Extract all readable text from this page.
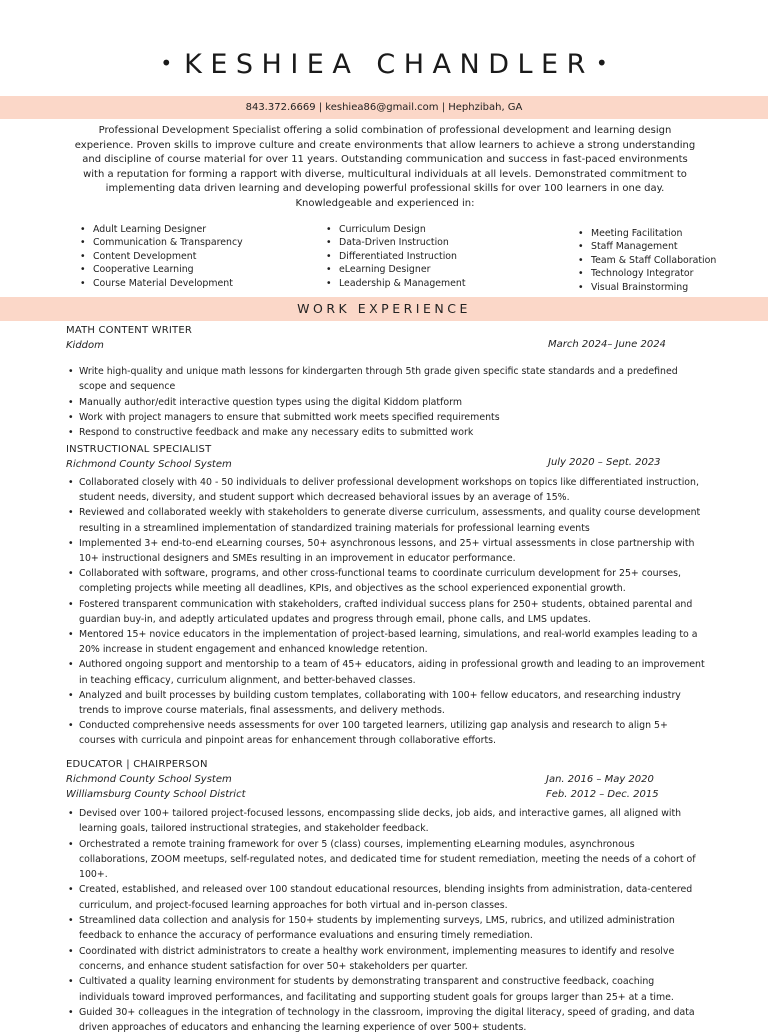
• KESHIEA CHANDLER •
843.372.6669 | keshiea86@gmail.com | Hephzibah, GA
Professional Development Specialist offering a solid combination of professional development and learning design experience. Proven skills to improve culture and create environments that allow learners to achieve a strong understanding and discipline of course material for over 11 years. Outstanding communication and success in fast-paced environments with a reputation for forming a rapport with diverse, multicultural individuals at all levels. Demonstrated commitment to implementing data driven learning and developing powerful professional skills for over 100 learners in one day. Knowledgeable and experienced in:
• Adult Learning Designer
• Communication & Transparency
• Content Development
• Cooperative Learning
• Course Material Development
• Curriculum Design
• Data-Driven Instruction
• Differentiated Instruction
• eLearning Designer
• Leadership & Management
• Meeting Facilitation
• Staff Management
• Team & Staff Collaboration
• Technology Integrator
• Visual Brainstorming
WORK EXPERIENCE
MATH CONTENT WRITER
Kiddom	March 2024– June 2024
• Write high-quality and unique math lessons for kindergarten through 5th grade given specific state standards and a predefined scope and sequence
• Manually author/edit interactive question types using the digital Kiddom platform
• Work with project managers to ensure that submitted work meets specified requirements
• Respond to constructive feedback and make any necessary edits to submitted work
INSTRUCTIONAL SPECIALIST
Richmond County School System	July 2020 – Sept. 2023
• Collaborated closely with 40 - 50 individuals to deliver professional development workshops on topics like differentiated instruction, student needs, diversity, and student support which decreased behavioral issues by an average of 15%.
• Reviewed and collaborated weekly with stakeholders to generate diverse curriculum, assessments, and quality course development resulting in a streamlined implementation of standardized training materials for professional learning events
• Implemented 3+ end-to-end eLearning courses, 50+ asynchronous lessons, and 25+ virtual assessments in close partnership with 10+ instructional designers and SMEs resulting in an improvement in educator performance.
• Collaborated with software, programs, and other cross-functional teams to coordinate curriculum development for 25+ courses, completing projects while meeting all deadlines, KPIs, and objectives as the school experienced exponential growth.
• Fostered transparent communication with stakeholders, crafted individual success plans for 250+ students, obtained parental and guardian buy-in, and adeptly articulated updates and progress through email, phone calls, and LMS updates.
• Mentored 15+ novice educators in the implementation of project-based learning, simulations, and real-world examples leading to a 20% increase in student engagement and enhanced knowledge retention.
• Authored ongoing support and mentorship to a team of 45+ educators, aiding in professional growth and leading to an improvement in teaching efficacy, curriculum alignment, and better-behaved classes.
• Analyzed and built processes by building custom templates, collaborating with 100+ fellow educators, and researching industry trends to improve course materials, final assessments, and delivery methods.
• Conducted comprehensive needs assessments for over 100 targeted learners, utilizing gap analysis and research to align 5+ courses with curricula and pinpoint areas for enhancement through collaborative efforts.
EDUCATOR | CHAIRPERSON
Richmond County School System	Jan. 2016 – May 2020
Williamsburg County School District	Feb. 2012 – Dec. 2015
• Devised over 100+ tailored project-focused lessons, encompassing slide decks, job aids, and interactive games, all aligned with learning goals, tailored instructional strategies, and stakeholder feedback.
• Orchestrated a remote training framework for over 5 (class) courses, implementing eLearning modules, asynchronous collaborations, ZOOM meetups, self-regulated notes, and dedicated time for student remediation, meeting the needs of a cohort of 100+.
• Created, established, and released over 100 standout educational resources, blending insights from administration, data-centered curriculum, and project-focused learning approaches for both virtual and in-person classes.
• Streamlined data collection and analysis for 150+ students by implementing surveys, LMS, rubrics, and utilized administration feedback to enhance the accuracy of performance evaluations and ensuring timely remediation.
• Coordinated with district administrators to create a healthy work environment, implementing measures to identify and resolve concerns, and enhance student satisfaction for over 50+ stakeholders per quarter.
• Cultivated a quality learning environment for students by demonstrating transparent and constructive feedback, coaching individuals toward improved performances, and facilitating and supporting student goals for groups larger than 25+ at a time.
• Guided 30+ colleagues in the integration of technology in the classroom, improving the digital literacy, speed of grading, and data driven approaches of educators and enhancing the learning experience of over 500+ students.
